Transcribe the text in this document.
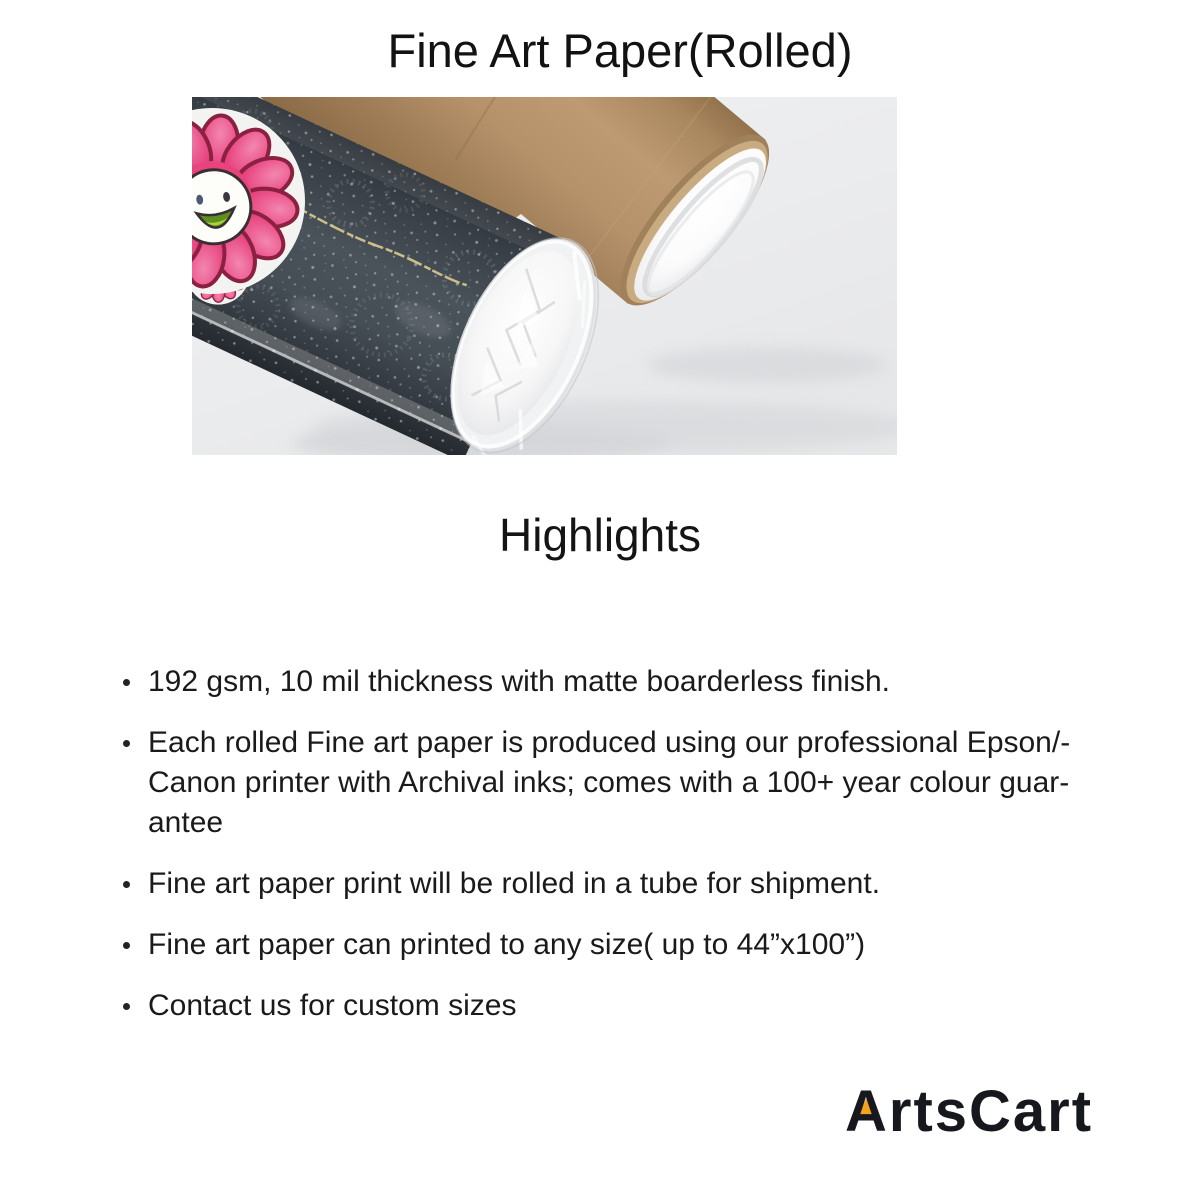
Fine Art Paper(Rolled)
Highlights
192 gsm, 10 mil thickness with matte boarderless finish.
Each rolled Fine art paper is produced using our professional Epson/-
Canon printer with Archival inks; comes with a 100+ year colour guar-
antee
Fine art paper print will be rolled in a tube for shipment.
Fine art paper can printed to any size( up to 44”x100”)
Contact us for custom sizes
ArtsCart
